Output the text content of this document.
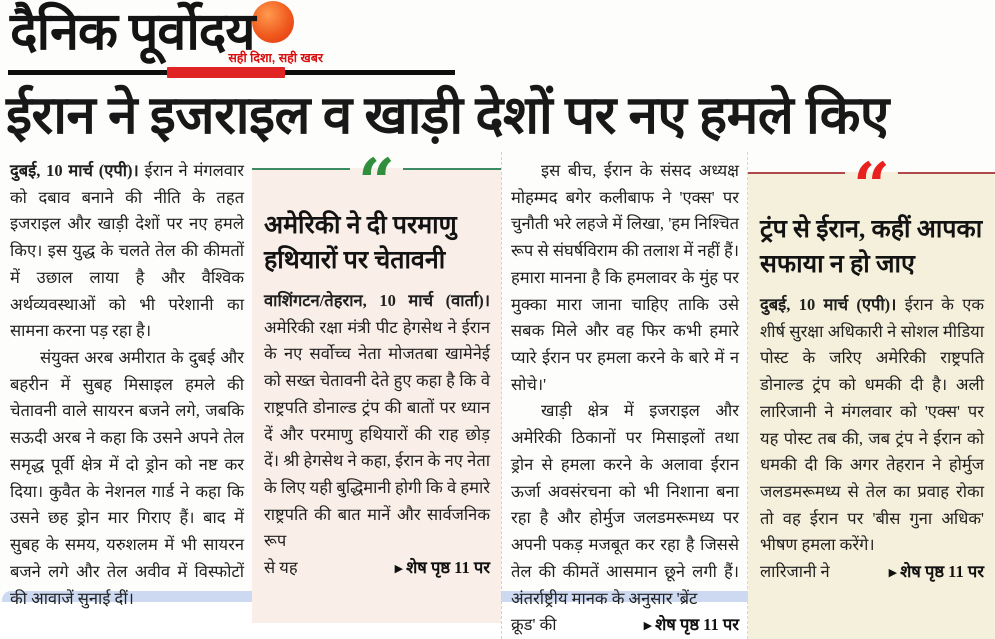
दैनिक पूर्वोदय
सही दिशा, सही खबर
ईरान ने इजराइल व खाड़ी देशों पर नए हमले किए

दुबई, 10 मार्च (एपी)। ईरान ने मंगलवार को दबाव बनाने की नीति के तहत इजराइल और खाड़ी देशों पर नए हमले किए। इस युद्ध के चलते तेल की कीमतों में उछाल लाया है और वैश्विक अर्थव्यवस्थाओं को भी परेशानी का सामना करना पड़ रहा है।

संयुक्त अरब अमीरात के दुबई और बहरीन में सुबह मिसाइल हमले की चेतावनी वाले सायरन बजने लगे, जबकि सऊदी अरब ने कहा कि उसने अपने तेल समृद्ध पूर्वी क्षेत्र में दो ड्रोन को नष्ट कर दिया। कुवैत के नेशनल गार्ड ने कहा कि उसने छह ड्रोन मार गिराए हैं। बाद में सुबह के समय, यरुशलम में भी सायरन बजने लगे और तेल अवीव में विस्फोटों की आवाजें सुनाई दीं।

“
अमेरिकी ने दी परमाणु हथियारों पर चेतावनी

वाशिंगटन/तेहरान, 10 मार्च (वार्ता)। अमेरिकी रक्षा मंत्री पीट हेगसेथ ने ईरान के नए सर्वोच्च नेता मोजतबा खामेनेई को सख्त चेतावनी देते हुए कहा है कि वे राष्ट्रपति डोनाल्ड ट्रंप की बातों पर ध्यान दें और परमाणु हथियारों की राह छोड़ दें। श्री हेगसेथ ने कहा, ईरान के नए नेता के लिए यही बुद्धिमानी होगी कि वे हमारे राष्ट्रपति की बात मानें और सार्वजनिक रूप

से यह	▶ शेष पृष्ठ 11 पर

इस बीच, ईरान के संसद अध्यक्ष मोहम्मद बगेर कलीबाफ ने 'एक्स' पर चुनौती भरे लहजे में लिखा, 'हम निश्चित रूप से संघर्षविराम की तलाश में नहीं हैं। हमारा मानना है कि हमलावर के मुंह पर मुक्का मारा जाना चाहिए ताकि उसे सबक मिले और वह फिर कभी हमारे प्यारे ईरान पर हमला करने के बारे में न सोचे।'

खाड़ी क्षेत्र में इजराइल और अमेरिकी ठिकानों पर मिसाइलों तथा ड्रोन से हमला करने के अलावा ईरान ऊर्जा अवसंरचना को भी निशाना बना रहा है और होर्मुज जलडमरूमध्य पर अपनी पकड़ मजबूत कर रहा है जिससे तेल की कीमतें आसमान छूने लगी हैं। अंतर्राष्ट्रीय मानक के अनुसार 'ब्रेंट

क्रूड' की	▶ शेष पृष्ठ 11 पर
“
ट्रंप से ईरान, कहीं आपका सफाया न हो जाए

दुबई, 10 मार्च (एपी)। ईरान के एक शीर्ष सुरक्षा अधिकारी ने सोशल मीडिया पोस्ट के जरिए अमेरिकी राष्ट्रपति डोनाल्ड ट्रंप को धमकी दी है। अली लारिजानी ने मंगलवार को 'एक्स' पर यह पोस्ट तब की, जब ट्रंप ने ईरान को धमकी दी कि अगर तेहरान ने होर्मुज जलडमरूमध्य से तेल का प्रवाह रोका तो वह ईरान पर 'बीस गुना अधिक' भीषण हमला करेंगे।

लारिजानी ने	▶ शेष पृष्ठ 11 पर
